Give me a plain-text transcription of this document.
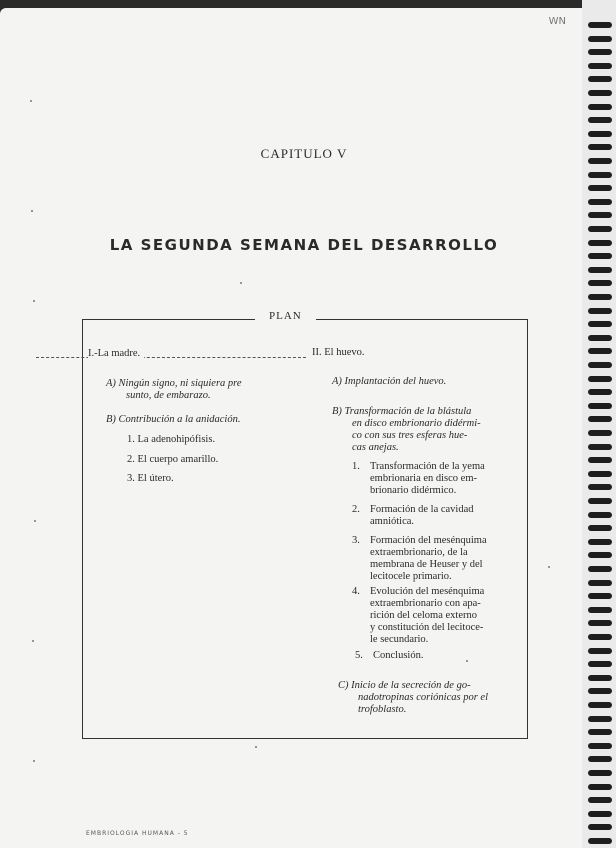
WN
CAPITULO V
LA SEGUNDA SEMANA DEL DESARROLLO
PLAN
I.-La madre.
A) Ningún signo, ni siquiera pre
sunto, de embarazo.
B) Contribución a la anidación.
1. La adenohipófisis.
2. El cuerpo amarillo.
3. El útero.
II. El huevo.
A) Implantación del huevo.
B) Transformación de la blástula
en disco embrionario didérmi-
co con sus tres esferas hue-
cas anejas.
1. Transformación de la yema
embrionaria en disco em-
brionario didérmico.
2. Formación de la cavidad
amniótica.
3. Formación del mesénquima
extraembrionario, de la
membrana de Heuser y del
lecitocele primario.
4. Evolución del mesénquima
extraembrionario con apa-
rición del celoma externo
y constitución del lecitoce-
le secundario.
5. Conclusión.
C) Inicio de la secreción de go-
nadotropinas coriónicas por el
trofoblasto.
EMBRIOLOGIA HUMANA - 5
